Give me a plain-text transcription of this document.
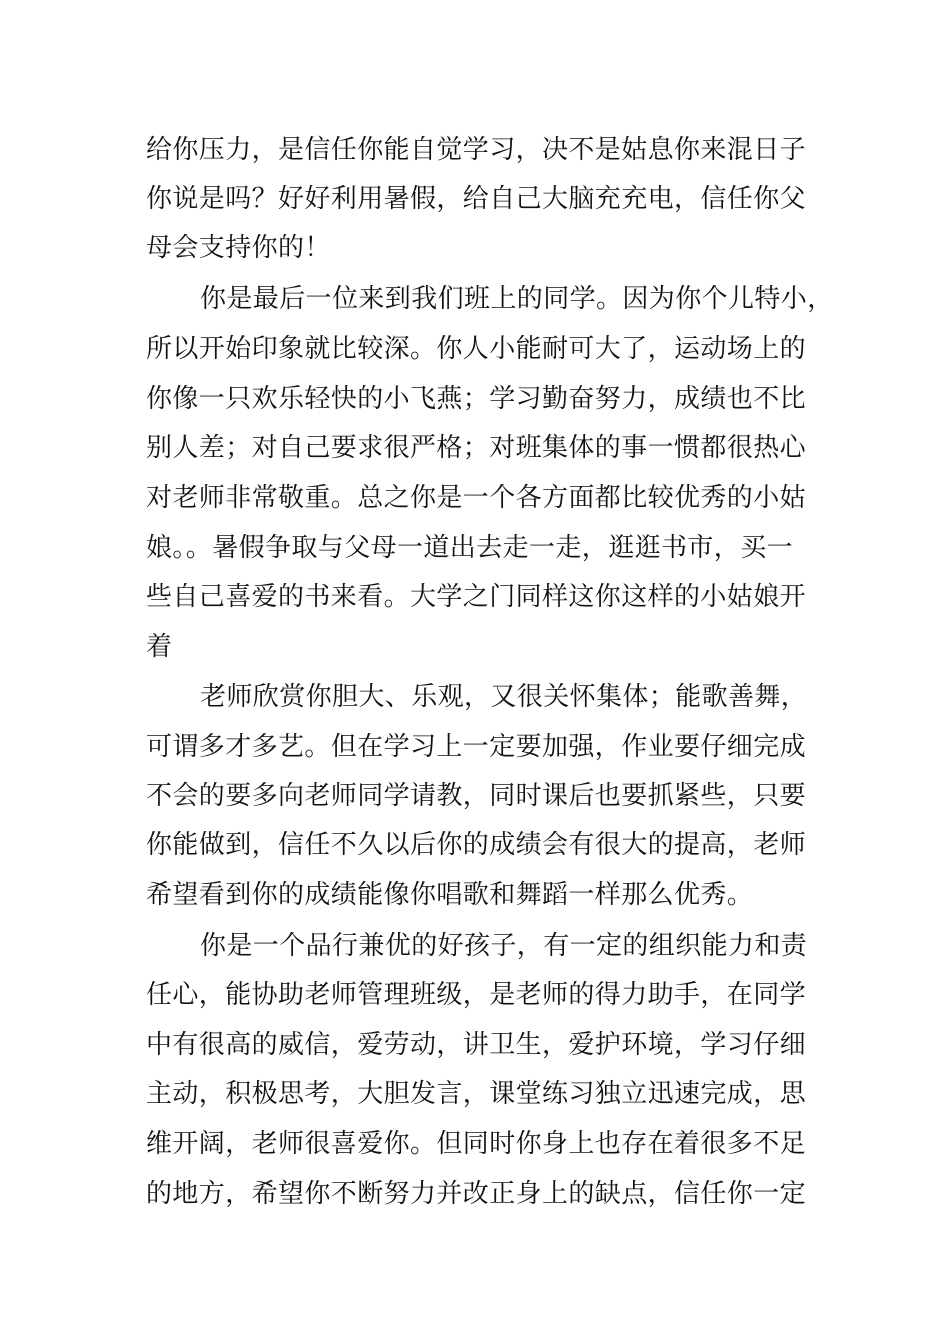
给你压力，是信任你能自觉学习，决不是姑息你来混日子
你说是吗？好好利用暑假，给自己大脑充充电，信任你父
母会支持你的！
你是最后一位来到我们班上的同学。因为你个儿特小，
所以开始印象就比较深。你人小能耐可大了，运动场上的
你像一只欢乐轻快的小飞燕；学习勤奋努力，成绩也不比
别人差；对自己要求很严格；对班集体的事一惯都很热心
对老师非常敬重。总之你是一个各方面都比较优秀的小姑
娘。。暑假争取与父母一道出去走一走，逛逛书市，买一
些自己喜爱的书来看。大学之门同样这你这样的小姑娘开
着
老师欣赏你胆大、乐观，又很关怀集体；能歌善舞，
可谓多才多艺。但在学习上一定要加强，作业要仔细完成
不会的要多向老师同学请教，同时课后也要抓紧些，只要
你能做到，信任不久以后你的成绩会有很大的提高，老师
希望看到你的成绩能像你唱歌和舞蹈一样那么优秀。
你是一个品行兼优的好孩子，有一定的组织能力和责
任心，能协助老师管理班级，是老师的得力助手，在同学
中有很高的威信，爱劳动，讲卫生，爱护环境，学习仔细
主动，积极思考，大胆发言，课堂练习独立迅速完成，思
维开阔，老师很喜爱你。但同时你身上也存在着很多不足
的地方，希望你不断努力并改正身上的缺点，信任你一定
